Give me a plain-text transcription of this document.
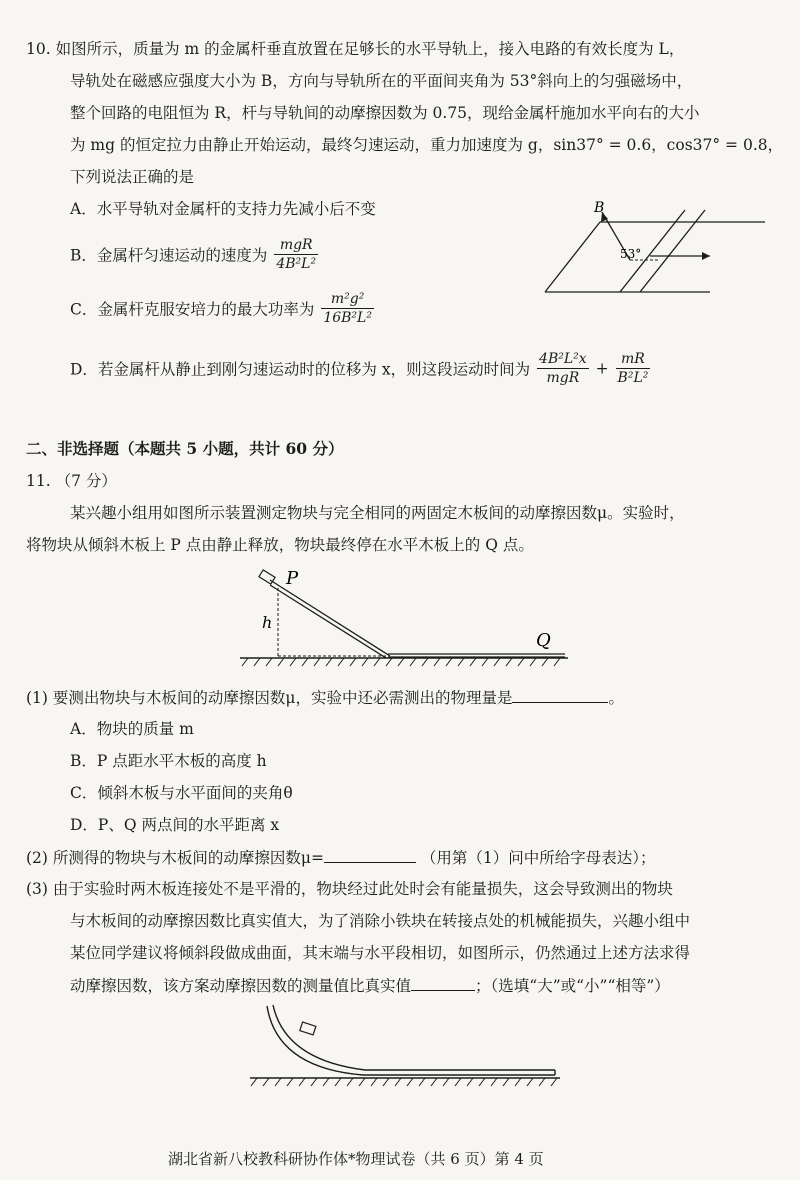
10. 如图所示，质量为 m 的金属杆垂直放置在足够长的水平导轨上，接入电路的有效长度为 L，
导轨处在磁感应强度大小为 B，方向与导轨所在的平面间夹角为 53°斜向上的匀强磁场中，
整个回路的电阻恒为 R，杆与导轨间的动摩擦因数为 0.75，现给金属杆施加水平向右的大小
为 mg 的恒定拉力由静止开始运动，最终匀速运动，重力加速度为 g，sin37° = 0.6，cos37° = 0.8，
下列说法正确的是
A．水平导轨对金属杆的支持力先减小后不变
B．金属杆匀速运动的速度为 $\frac{\text{mgR}}{\text{4B²L²}}$
C．金属杆克服安培力的最大功率为 $\frac{\text{m²g²}}{\text{16B²L²}}$
D．若金属杆从静止到刚匀速运动时的位移为 x，则这段运动时间为 $\frac{\text{4B²L²x}}{\text{mgR}} + \frac{mR}{\text{B²L²}}$
B
53°
二、非选择题（本题共 5 小题，共计 60 分）
11. （7 分）
某兴趣小组用如图所示装置测定物块与完全相同的两固定木板间的动摩擦因数μ。实验时，
将物块从倾斜木板上 P 点由静止释放，物块最终停在水平木板上的 Q 点。
P
h
Q
(1) 要测出物块与木板间的动摩擦因数μ，实验中还必需测出的物理量是	。
A．物块的质量 m
B．P 点距水平木板的高度 h
C．倾斜木板与水平面间的夹角θ
D．P、Q 两点间的水平距离 x
(2) 所测得的物块与木板间的动摩擦因数μ=	（用第（1）问中所给字母表达）；
(3) 由于实验时两木板连接处不是平滑的，物块经过此处时会有能量损失，这会导致测出的物块
与木板间的动摩擦因数比真实值大，为了消除小铁块在转接点处的机械能损失，兴趣小组中
某位同学建议将倾斜段做成曲面，其末端与水平段相切，如图所示，仍然通过上述方法求得
动摩擦因数，该方案动摩擦因数的测量值比真实值	；（选填“大”或“小”“相等”）
湖北省新八校教科研协作体*物理试卷（共 6 页）第 4 页
